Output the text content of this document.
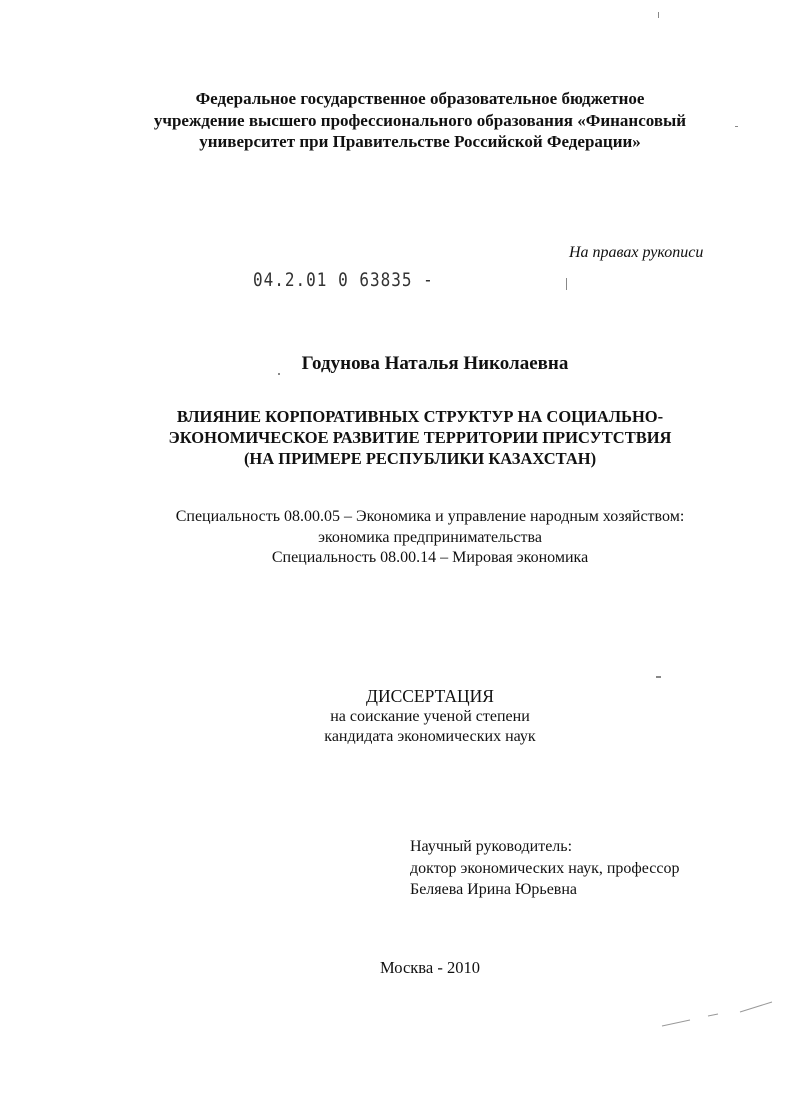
Федеральное государственное образовательное бюджетное
учреждение высшего профессионального образования «Финансовый
университет при Правительстве Российской Федерации»
На правах рукописи
04.2.01 0 63835 -
Годунова Наталья Николаевна
ВЛИЯНИЕ КОРПОРАТИВНЫХ СТРУКТУР НА СОЦИАЛЬНО-
ЭКОНОМИЧЕСКОЕ РАЗВИТИЕ ТЕРРИТОРИИ ПРИСУТСТВИЯ
(НА ПРИМЕРЕ РЕСПУБЛИКИ КАЗАХСТАН)
Специальность 08.00.05 – Экономика и управление народным хозяйством:
экономика предпринимательства
Специальность 08.00.14 – Мировая экономика
ДИССЕРТАЦИЯ
на соискание ученой степени
кандидата экономических наук
Научный руководитель:
доктор экономических наук, профессор
Беляева Ирина Юрьевна
Москва - 2010
